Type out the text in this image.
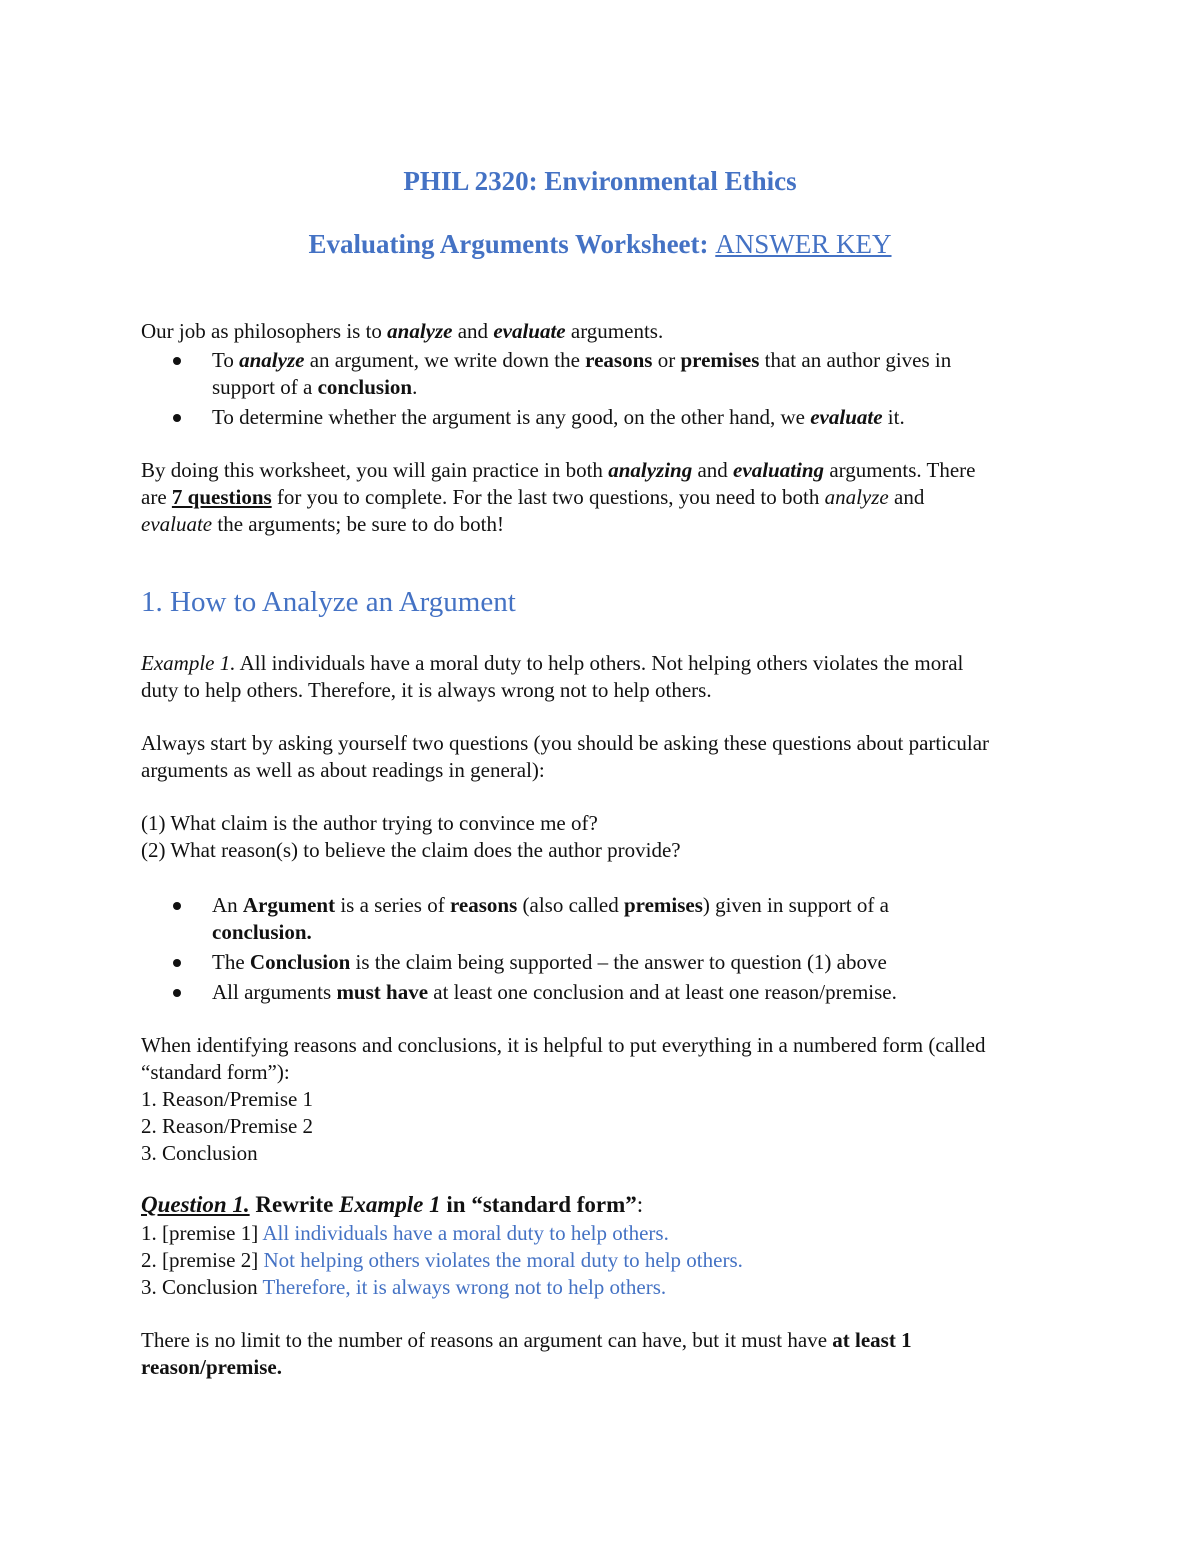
PHIL 2320: Environmental Ethics
Evaluating Arguments Worksheet: ANSWER KEY
Our job as philosophers is to analyze and evaluate arguments.
To analyze an argument, we write down the reasons or premises that an author gives in
support of a conclusion.
To determine whether the argument is any good, on the other hand, we evaluate it.
By doing this worksheet, you will gain practice in both analyzing and evaluating arguments. There
are 7 questions for you to complete. For the last two questions, you need to both analyze and
evaluate the arguments; be sure to do both!
1. How to Analyze an Argument
Example 1. All individuals have a moral duty to help others. Not helping others violates the moral
duty to help others. Therefore, it is always wrong not to help others.
Always start by asking yourself two questions (you should be asking these questions about particular
arguments as well as about readings in general):
(1) What claim is the author trying to convince me of?
(2) What reason(s) to believe the claim does the author provide?
An Argument is a series of reasons (also called premises) given in support of a
conclusion.
The Conclusion is the claim being supported – the answer to question (1) above
All arguments must have at least one conclusion and at least one reason/premise.
When identifying reasons and conclusions, it is helpful to put everything in a numbered form (called
“standard form”):
1. Reason/Premise 1
2. Reason/Premise 2
3. Conclusion
Question 1. Rewrite Example 1 in “standard form”:
1. [premise 1] All individuals have a moral duty to help others.
2. [premise 2] Not helping others violates the moral duty to help others.
3. Conclusion Therefore, it is always wrong not to help others.
There is no limit to the number of reasons an argument can have, but it must have at least 1
reason/premise.
